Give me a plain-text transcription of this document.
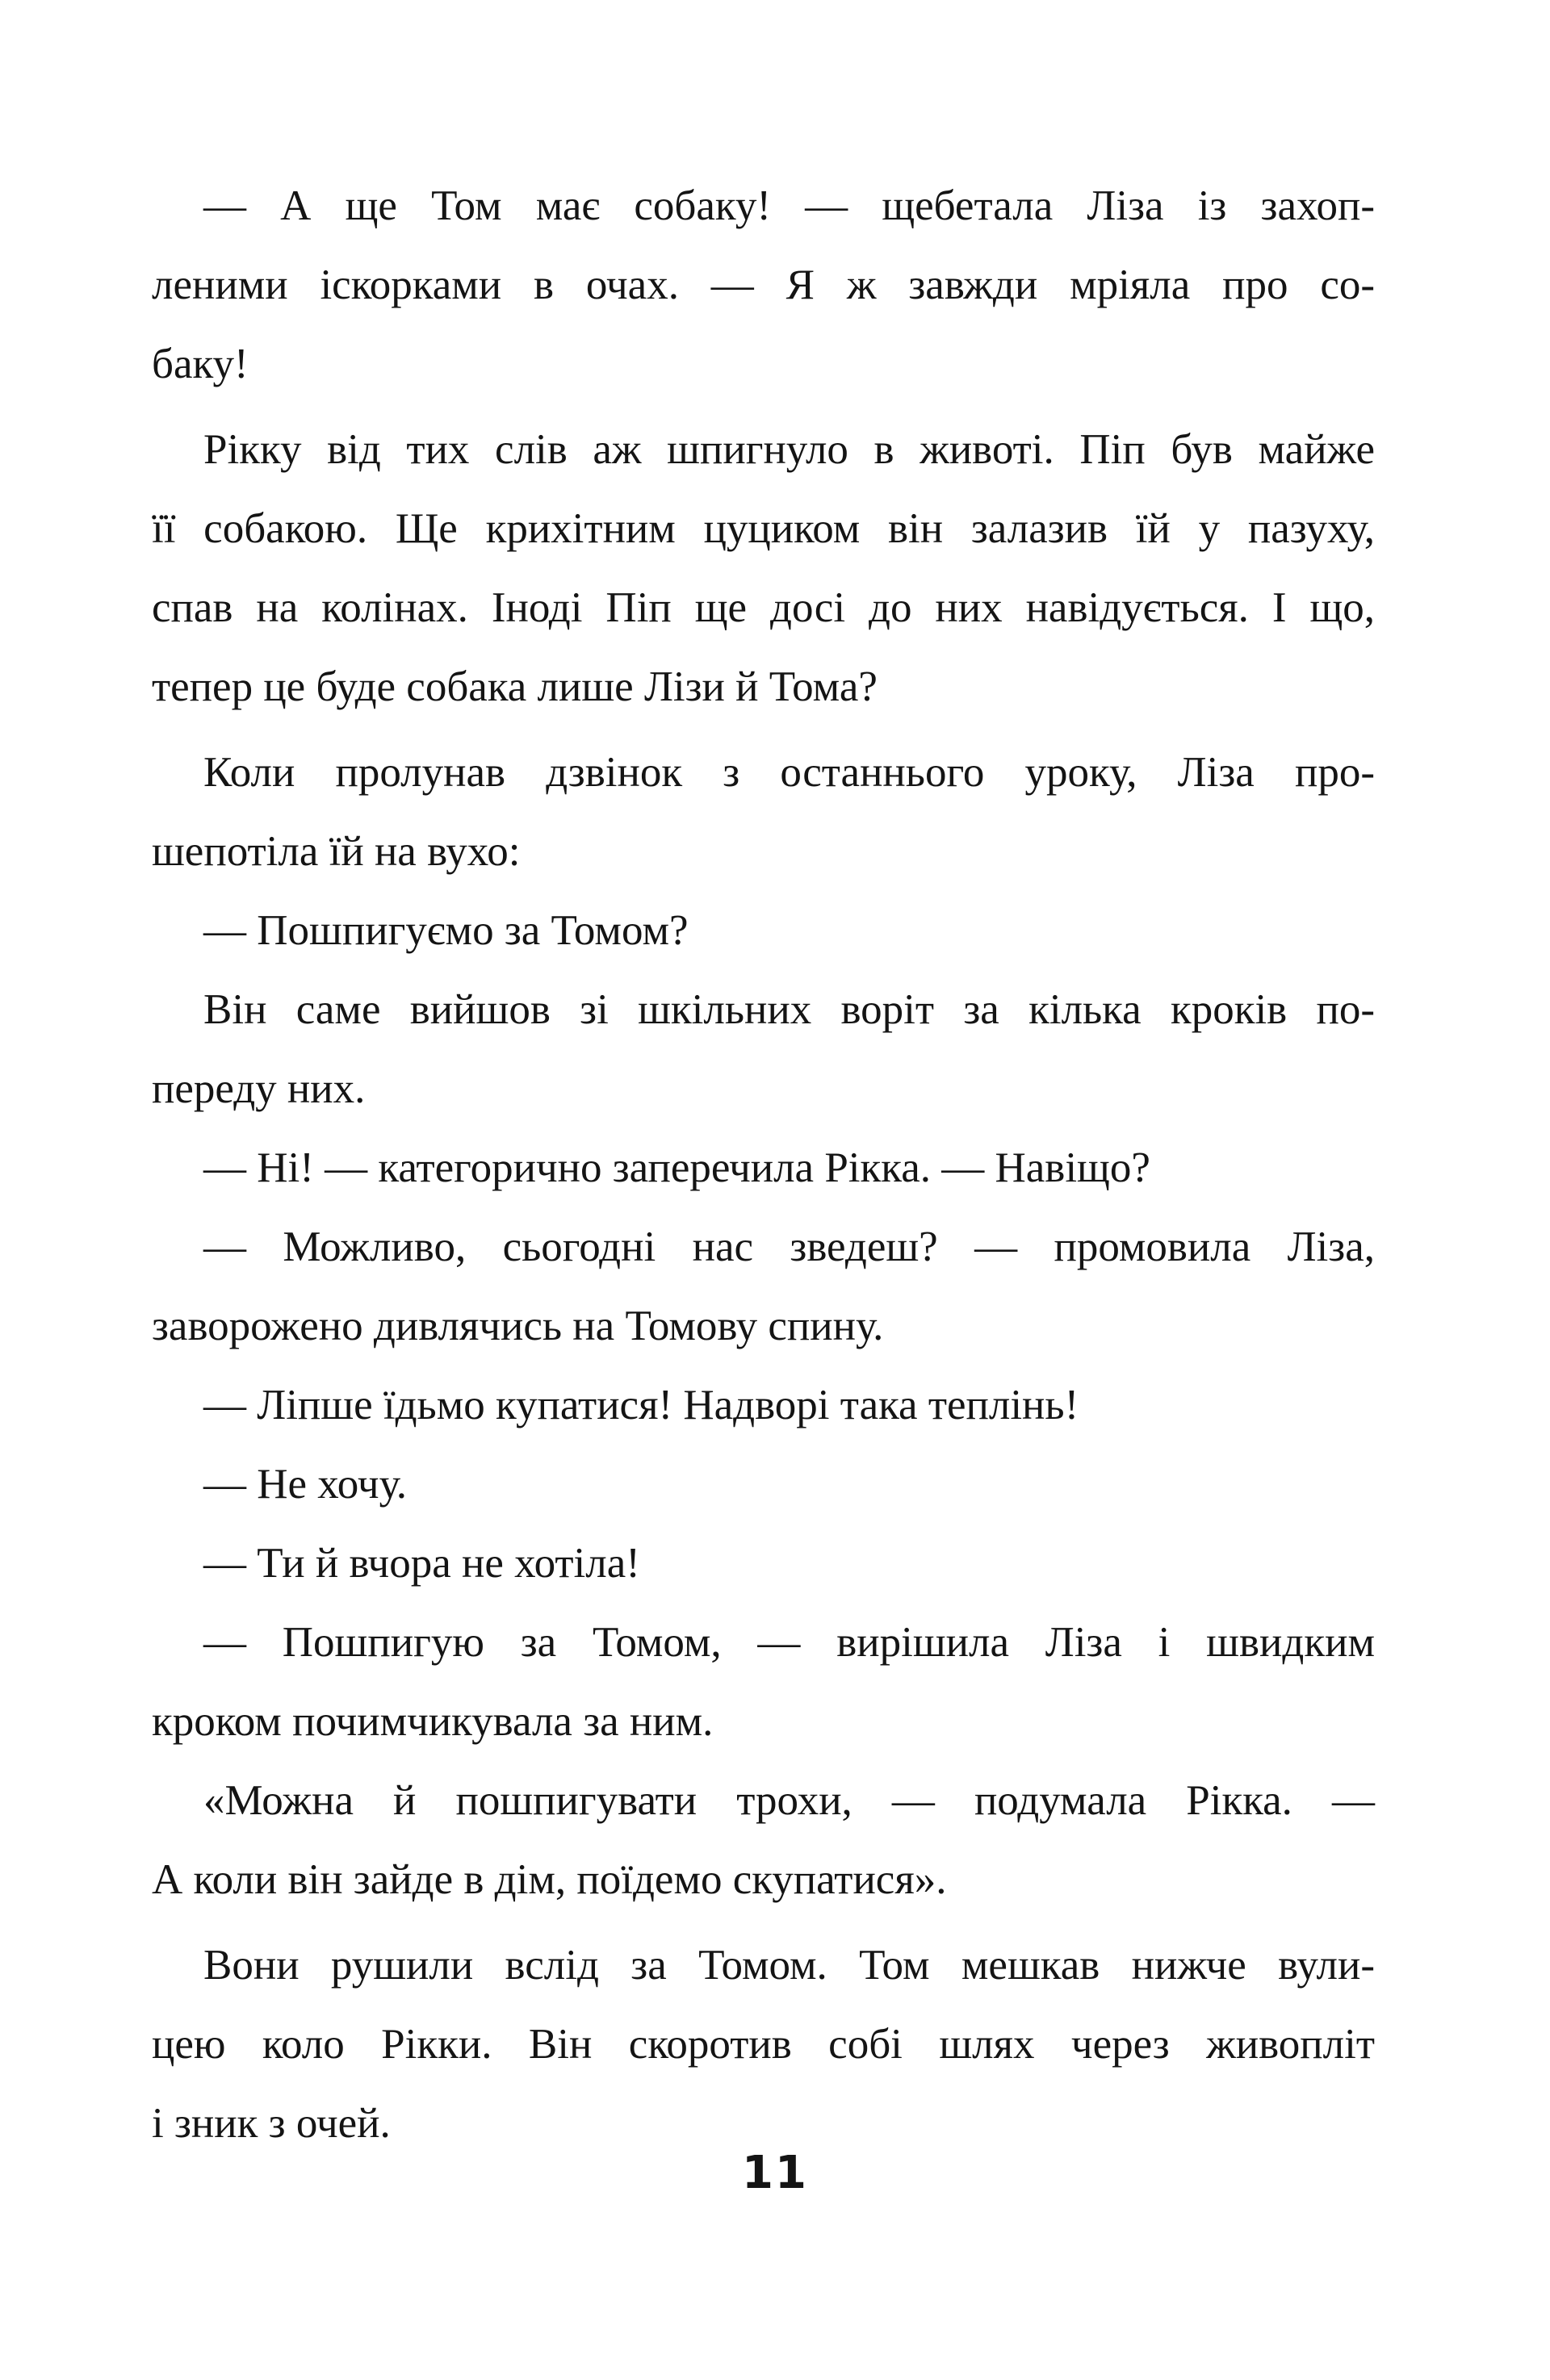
— А ще Том має собаку! — щебетала Ліза із захоп-
леними іскорками в очах. — Я ж завжди мріяла про со-
баку!
Рікку від тих слів аж шпигнуло в животі. Піп був майже
її собакою. Ще крихітним цуциком він залазив їй у пазуху,
спав на колінах. Іноді Піп ще досі до них навідується. І що,
тепер це буде собака лише Лізи й Тома?
Коли пролунав дзвінок з останнього уроку, Ліза про-
шепотіла їй на вухо:
— Пошпигуємо за Томом?
Він саме вийшов зі шкільних воріт за кілька кроків по-
переду них.
— Ні! — категорично заперечила Рікка. — Навіщо?
— Можливо, сьогодні нас зведеш? — промовила Ліза,
заворожено дивлячись на Томову спину.
— Ліпше їдьмо купатися! Надворі така теплінь!
— Не хочу.
— Ти й вчора не хотіла!
— Пошпигую за Томом, — вирішила Ліза і швидким
кроком почимчикувала за ним.
«Можна й пошпигувати трохи, — подумала Рікка. —
А коли він зайде в дім, поїдемо скупатися».
Вони рушили вслід за Томом. Том мешкав нижче вули-
цею коло Рікки. Він скоротив собі шлях через живопліт
і зник з очей.
11
